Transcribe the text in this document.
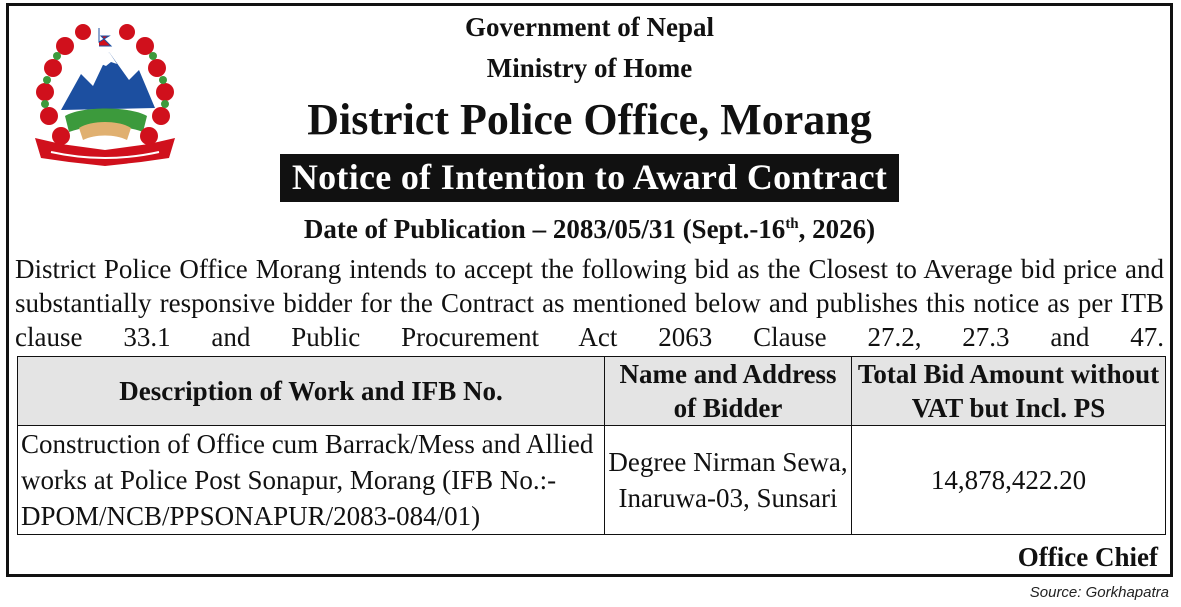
Government of Nepal
Ministry of Home
District Police Office, Morang
Notice of Intention to Award Contract
Date of Publication – 2083/05/31 (Sept.-16th, 2026)
District Police Office Morang intends to accept the following bid as the Closest to Average bid price and substantially responsive bidder for the Contract as mentioned below and publishes this notice as per ITB clause 33.1 and Public Procurement Act 2063 Clause 27.2, 27.3 and 47.
Description of Work and IFB No.	Name and Address of Bidder	Total Bid Amount without VAT but Incl. PS
Construction of Office cum Barrack/Mess and Allied works at Police Post Sonapur, Morang (IFB No.:- DPOM/NCB/PPSONAPUR/2083-084/01)	Degree Nirman Sewa, Inaruwa-03, Sunsari	14,878,422.20
Office Chief
Source: Gorkhapatra
